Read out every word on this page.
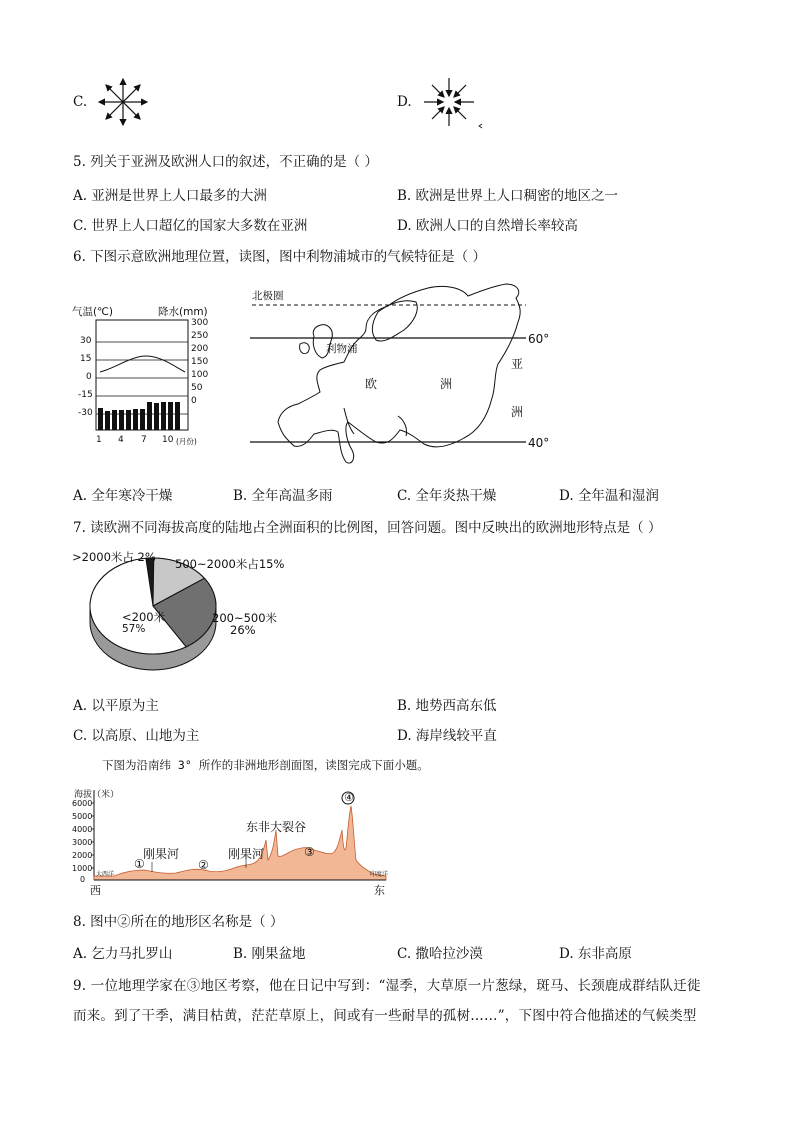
C.	D.
5. 列关于亚洲及欧洲人口的叙述，不正确的是（ ）
A. 亚洲是世界上人口最多的大洲	B. 欧洲是世界上人口稠密的地区之一
C. 世界上人口超亿的国家大多数在亚洲	D. 欧洲人口的自然增长率较高
6. 下图示意欧洲地理位置，读图，图中利物浦城市的气候特征是（ ）
气温(℃)	降水(mm)
30
15
0
-15
-30
300
250
200
150
100
50
0
1 4 7 10 (月份)
北极圈
60°
40°
利物浦
欧	洲
亚
洲
A. 全年寒冷干燥	B. 全年高温多雨	C. 全年炎热干燥	D. 全年温和湿润
7. 读欧洲不同海拔高度的陆地占全洲面积的比例图，回答问题。图中反映出的欧洲地形特点是（ ）
>2000米占 2% 500~2000米占15%
200~500米
26%
<200米
57%
A. 以平原为主	B. 地势西高东低
C. 以高原、山地为主	D. 海岸线较平直
下图为沿南纬 3° 所作的非洲地形剖面图，读图完成下面小题。
海拔（米）
6000
5000
4000
3000
2000
1000
0
东非大裂谷
刚果河	刚果河
①	②
③
④
大西洋	印度洋
西	东
8. 图中②所在的地形区名称是（ ）
A. 乞力马扎罗山	B. 刚果盆地	C. 撒哈拉沙漠	D. 东非高原
9. 一位地理学家在③地区考察，他在日记中写到：“湿季，大草原一片葱绿，斑马、长颈鹿成群结队迁徙
而来。到了干季，满目枯黄，茫茫草原上，间或有一些耐旱的孤树……”，下图中符合他描述的气候类型
